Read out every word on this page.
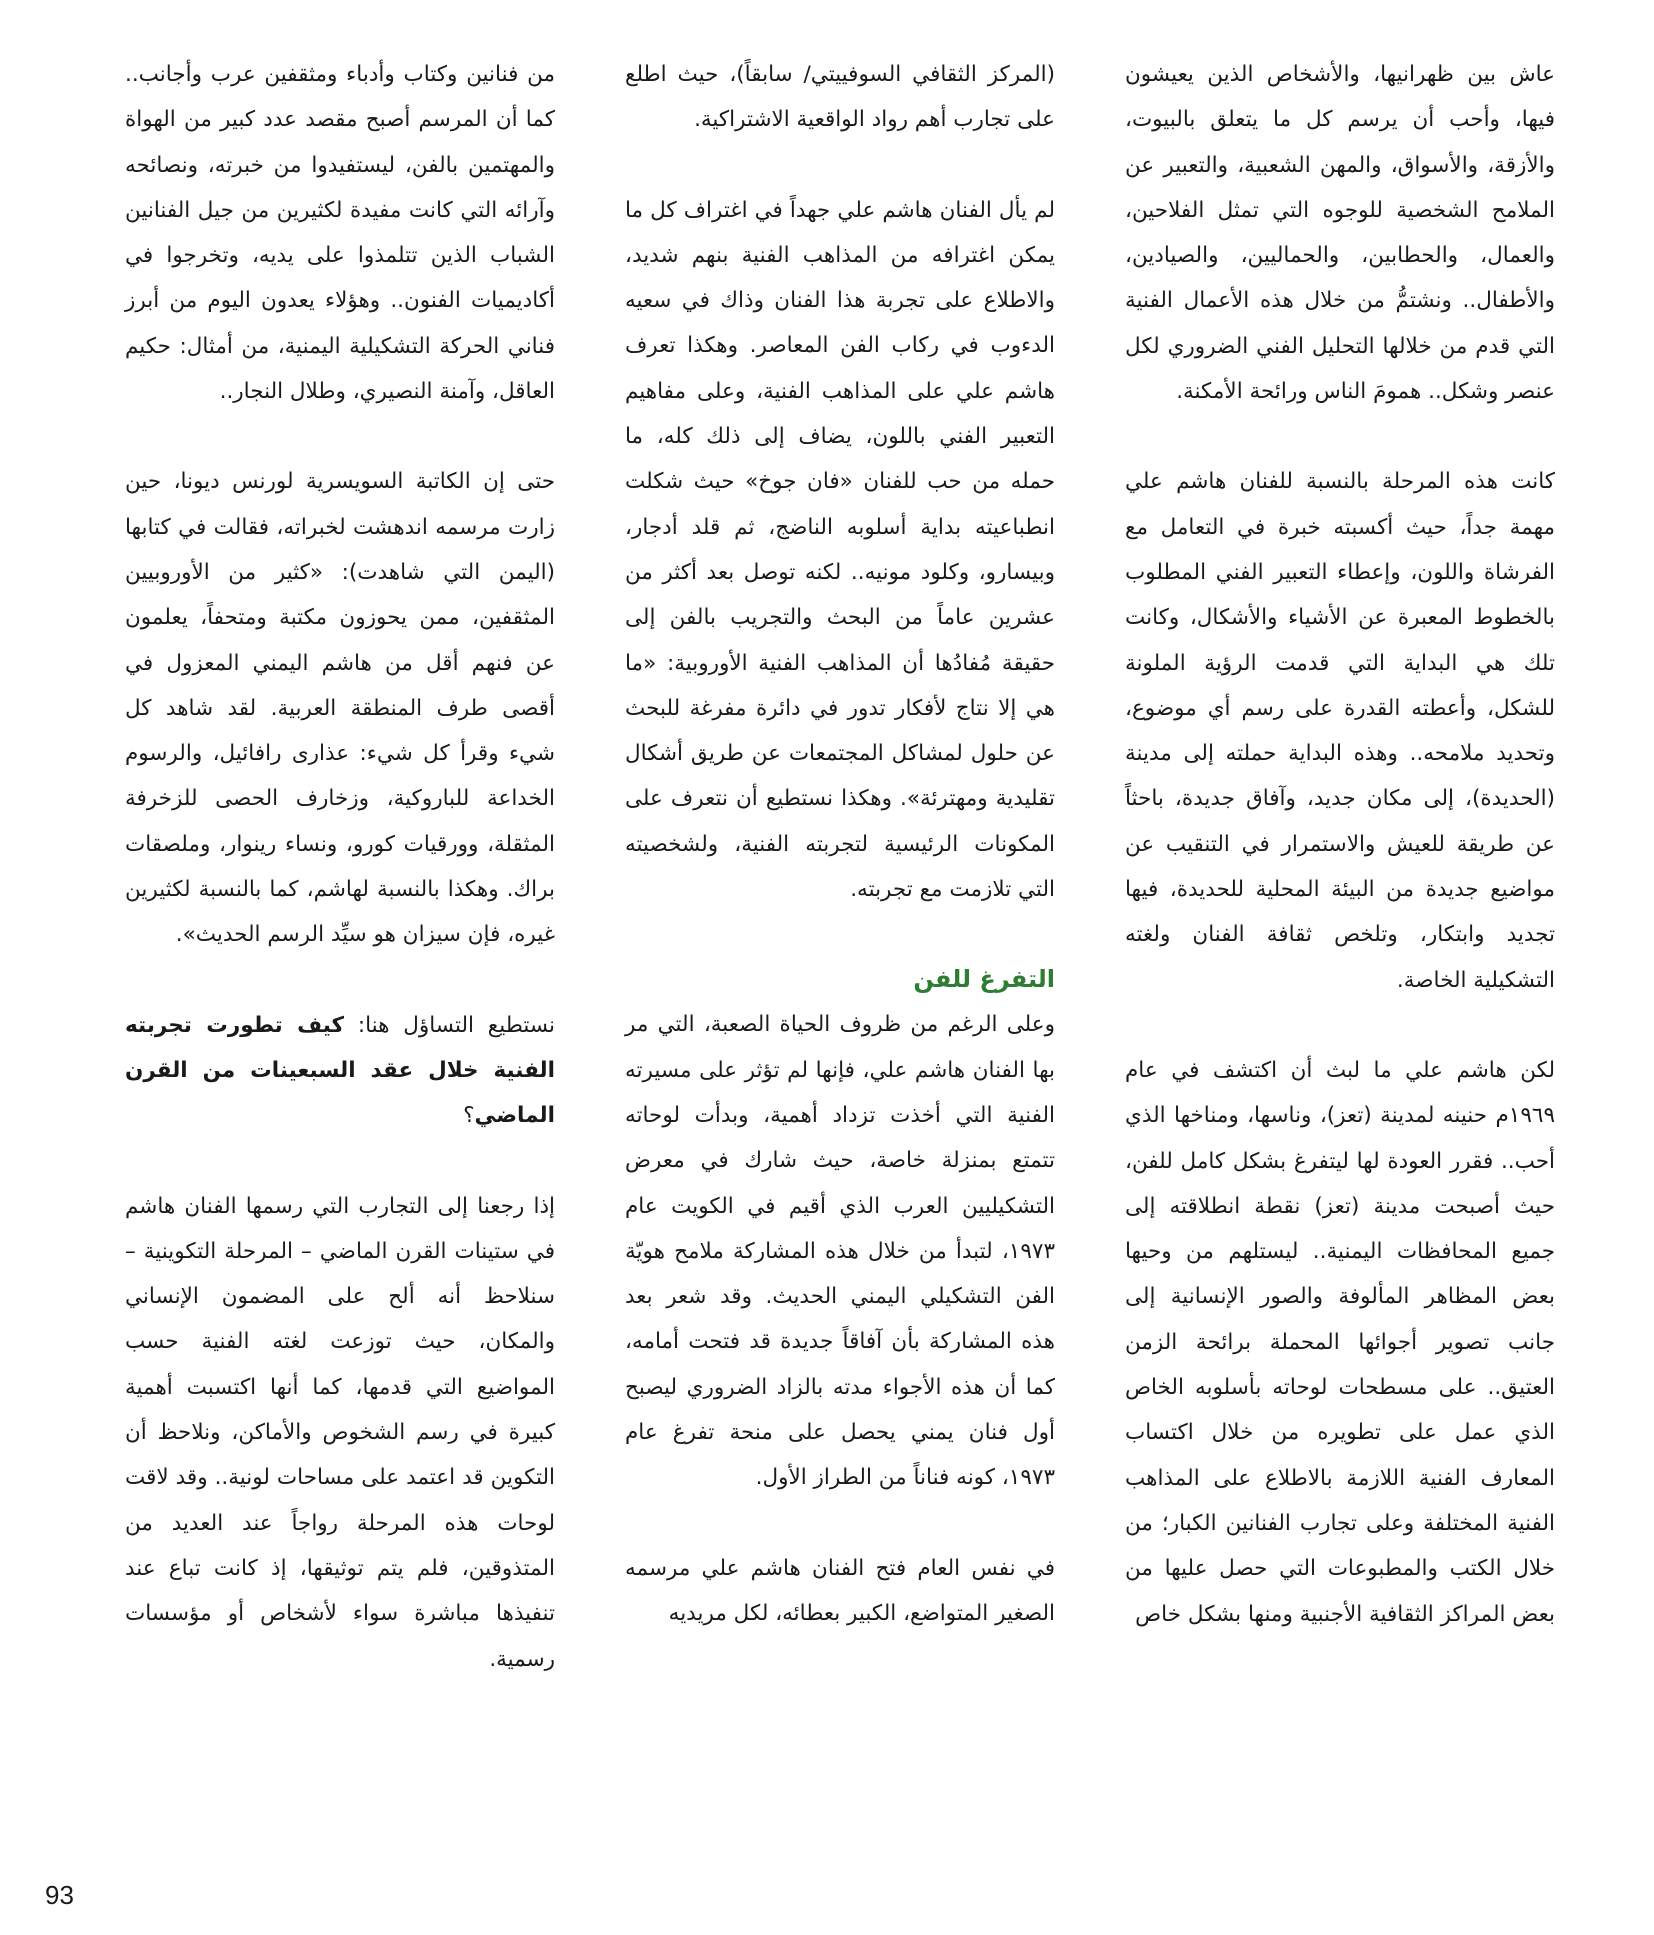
عاش بين ظهرانيها، والأشخاص الذين يعيشون فيها، وأحب أن يرسم كل ما يتعلق بالبيوت، والأزقة، والأسواق، والمهن الشعبية، والتعبير عن الملامح الشخصية للوجوه التي تمثل الفلاحين، والعمال، والحطابين، والحماليين، والصيادين، والأطفال.. ونشتمُّ من خلال هذه الأعمال الفنية التي قدم من خلالها التحليل الفني الضروري لكل عنصر وشكل.. همومَ الناس ورائحة الأمكنة.

كانت هذه المرحلة بالنسبة للفنان هاشم علي مهمة جداً، حيث أكسبته خبرة في التعامل مع الفرشاة واللون، وإعطاء التعبير الفني المطلوب بالخطوط المعبرة عن الأشياء والأشكال، وكانت تلك هي البداية التي قدمت الرؤية الملونة للشكل، وأعطته القدرة على رسم أي موضوع، وتحديد ملامحه.. وهذه البداية حملته إلى مدينة (الحديدة)، إلى مكان جديد، وآفاق جديدة، باحثاً عن طريقة للعيش والاستمرار في التنقيب عن مواضيع جديدة من البيئة المحلية للحديدة، فيها تجديد وابتكار، وتلخص ثقافة الفنان ولغته التشكيلية الخاصة.

لكن هاشم علي ما لبث أن اكتشف في عام ١٩٦٩م حنينه لمدينة (تعز)، وناسها، ومناخها الذي أحب.. فقرر العودة لها ليتفرغ بشكل كامل للفن، حيث أصبحت مدينة (تعز) نقطة انطلاقته إلى جميع المحافظات اليمنية.. ليستلهم من وحيها بعض المظاهر المألوفة والصور الإنسانية إلى جانب تصوير أجوائها المحملة برائحة الزمن العتيق.. على مسطحات لوحاته بأسلوبه الخاص الذي عمل على تطويره من خلال اكتساب المعارف الفنية اللازمة بالاطلاع على المذاهب الفنية المختلفة وعلى تجارب الفنانين الكبار؛ من خلال الكتب والمطبوعات التي حصل عليها من بعض المراكز الثقافية الأجنبية ومنها بشكل خاص

(المركز الثقافي السوفييتي/ سابقاً)، حيث اطلع على تجارب أهم رواد الواقعية الاشتراكية.

لم يأل الفنان هاشم علي جهداً في اغتراف كل ما يمكن اغترافه من المذاهب الفنية بنهم شديد، والاطلاع على تجربة هذا الفنان وذاك في سعيه الدءوب في ركاب الفن المعاصر. وهكذا تعرف هاشم علي على المذاهب الفنية، وعلى مفاهيم التعبير الفني باللون، يضاف إلى ذلك كله، ما حمله من حب للفنان «فان جوخ» حيث شكلت انطباعيته بداية أسلوبه الناضج، ثم قلد أدجار، وبيسارو، وكلود مونيه.. لكنه توصل بعد أكثر من عشرين عاماً من البحث والتجريب بالفن إلى حقيقة مُفادُها أن المذاهب الفنية الأوروبية: «ما هي إلا نتاج لأفكار تدور في دائرة مفرغة للبحث عن حلول لمشاكل المجتمعات عن طريق أشكال تقليدية ومهترئة». وهكذا نستطيع أن نتعرف على المكونات الرئيسية لتجربته الفنية، ولشخصيته التي تلازمت مع تجربته.

التفرغ للفن

وعلى الرغم من ظروف الحياة الصعبة، التي مر بها الفنان هاشم علي، فإنها لم تؤثر على مسيرته الفنية التي أخذت تزداد أهمية، وبدأت لوحاته تتمتع بمنزلة خاصة، حيث شارك في معرض التشكيليين العرب الذي أقيم في الكويت عام ١٩٧٣، لتبدأ من خلال هذه المشاركة ملامح هويّة الفن التشكيلي اليمني الحديث. وقد شعر بعد هذه المشاركة بأن آفاقاً جديدة قد فتحت أمامه، كما أن هذه الأجواء مدته بالزاد الضروري ليصبح أول فنان يمني يحصل على منحة تفرغ عام ١٩٧٣، كونه فناناً من الطراز الأول.

في نفس العام فتح الفنان هاشم علي مرسمه الصغير المتواضع، الكبير بعطائه، لكل مريديه

من فنانين وكتاب وأدباء ومثقفين عرب وأجانب.. كما أن المرسم أصبح مقصد عدد كبير من الهواة والمهتمين بالفن، ليستفيدوا من خبرته، ونصائحه وآرائه التي كانت مفيدة لكثيرين من جيل الفنانين الشباب الذين تتلمذوا على يديه، وتخرجوا في أكاديميات الفنون.. وهؤلاء يعدون اليوم من أبرز فناني الحركة التشكيلية اليمنية، من أمثال: حكيم العاقل، وآمنة النصيري، وطلال النجار..

حتى إن الكاتبة السويسرية لورنس ديونا، حين زارت مرسمه اندهشت لخبراته، فقالت في كتابها (اليمن التي شاهدت): «كثير من الأوروبيين المثقفين، ممن يحوزون مكتبة ومتحفاً، يعلمون عن فنهم أقل من هاشم اليمني المعزول في أقصى طرف المنطقة العربية. لقد شاهد كل شيء وقرأ كل شيء: عذارى رافائيل، والرسوم الخداعة للباروكية، وزخارف الحصى للزخرفة المثقلة، وورقيات كورو، ونساء رينوار، وملصقات براك. وهكذا بالنسبة لهاشم، كما بالنسبة لكثيرين غيره، فإن سيزان هو سيِّد الرسم الحديث».

نستطيع التساؤل هنا: كيف تطورت تجربته الفنية خلال عقد السبعينات من القرن الماضي؟

إذا رجعنا إلى التجارب التي رسمها الفنان هاشم في ستينات القرن الماضي – المرحلة التكوينية – سنلاحظ أنه ألح على المضمون الإنساني والمكان، حيث توزعت لغته الفنية حسب المواضيع التي قدمها، كما أنها اكتسبت أهمية كبيرة في رسم الشخوص والأماكن، ونلاحظ أن التكوين قد اعتمد على مساحات لونية.. وقد لاقت لوحات هذه المرحلة رواجاً عند العديد من المتذوقين، فلم يتم توثيقها، إذ كانت تباع عند تنفيذها مباشرة سواء لأشخاص أو مؤسسات رسمية.

93
